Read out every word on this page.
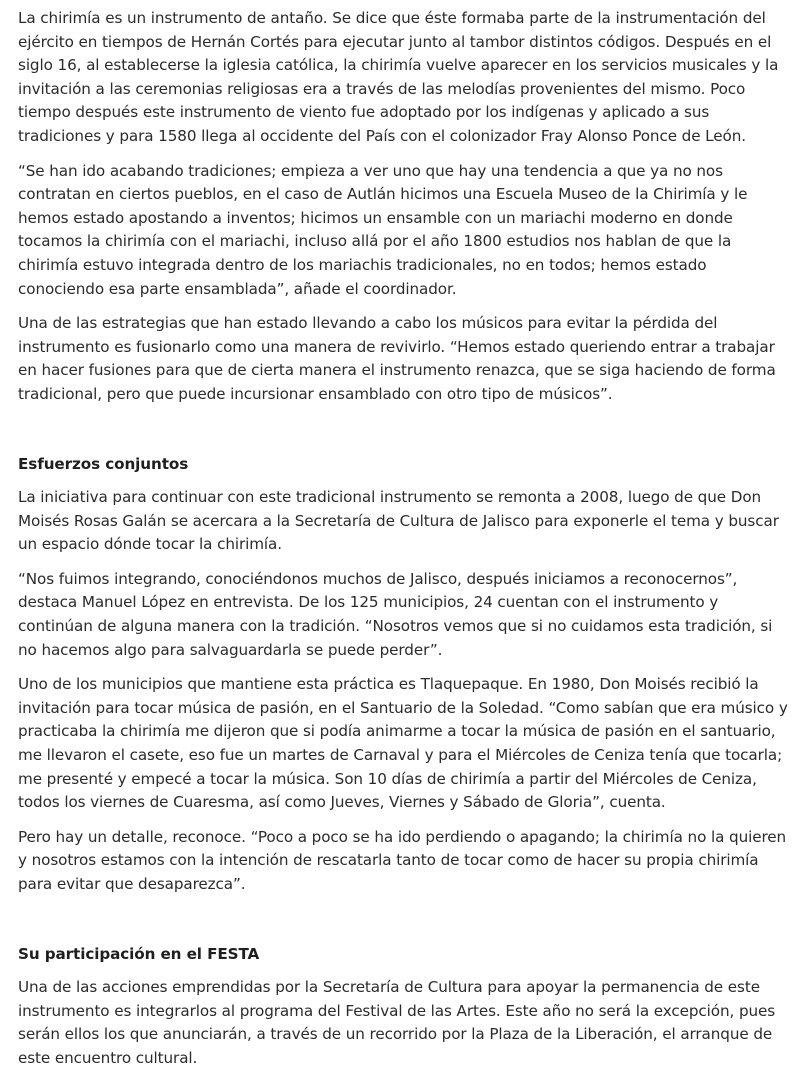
La chirimía es un instrumento de antaño. Se dice que éste formaba parte de la instrumentación del ejército en tiempos de Hernán Cortés para ejecutar junto al tambor distintos códigos. Después en el siglo 16, al establecerse la iglesia católica, la chirimía vuelve aparecer en los servicios musicales y la invitación a las ceremonias religiosas era a través de las melodías provenientes del mismo. Poco tiempo después este instrumento de viento fue adoptado por los indígenas y aplicado a sus tradiciones y para 1580 llega al occidente del País con el colonizador Fray Alonso Ponce de León.

“Se han ido acabando tradiciones; empieza a ver uno que hay una tendencia a que ya no nos contratan en ciertos pueblos, en el caso de Autlán hicimos una Escuela Museo de la Chirimía y le hemos estado apostando a inventos; hicimos un ensamble con un mariachi moderno en donde tocamos la chirimía con el mariachi, incluso allá por el año 1800 estudios nos hablan de que la chirimía estuvo integrada dentro de los mariachis tradicionales, no en todos; hemos estado conociendo esa parte ensamblada”, añade el coordinador.

Una de las estrategias que han estado llevando a cabo los músicos para evitar la pérdida del instrumento es fusionarlo como una manera de revivirlo. “Hemos estado queriendo entrar a trabajar en hacer fusiones para que de cierta manera el instrumento renazca, que se siga haciendo de forma tradicional, pero que puede incursionar ensamblado con otro tipo de músicos”.

Esfuerzos conjuntos

La iniciativa para continuar con este tradicional instrumento se remonta a 2008, luego de que Don Moisés Rosas Galán se acercara a la Secretaría de Cultura de Jalisco para exponerle el tema y buscar un espacio dónde tocar la chirimía.

“Nos fuimos integrando, conociéndonos muchos de Jalisco, después iniciamos a reconocernos”, destaca Manuel López en entrevista. De los 125 municipios, 24 cuentan con el instrumento y continúan de alguna manera con la tradición. “Nosotros vemos que si no cuidamos esta tradición, si no hacemos algo para salvaguardarla se puede perder”.

Uno de los municipios que mantiene esta práctica es Tlaquepaque. En 1980, Don Moisés recibió la invitación para tocar música de pasión, en el Santuario de la Soledad. “Como sabían que era músico y practicaba la chirimía me dijeron que si podía animarme a tocar la música de pasión en el santuario, me llevaron el casete, eso fue un martes de Carnaval y para el Miércoles de Ceniza tenía que tocarla; me presenté y empecé a tocar la música. Son 10 días de chirimía a partir del Miércoles de Ceniza, todos los viernes de Cuaresma, así como Jueves, Viernes y Sábado de Gloria”, cuenta.

Pero hay un detalle, reconoce. “Poco a poco se ha ido perdiendo o apagando; la chirimía no la quieren y nosotros estamos con la intención de rescatarla tanto de tocar como de hacer su propia chirimía para evitar que desaparezca”.

Su participación en el FESTA

Una de las acciones emprendidas por la Secretaría de Cultura para apoyar la permanencia de este instrumento es integrarlos al programa del Festival de las Artes. Este año no será la excepción, pues serán ellos los que anunciarán, a través de un recorrido por la Plaza de la Liberación, el arranque de este encuentro cultural.
